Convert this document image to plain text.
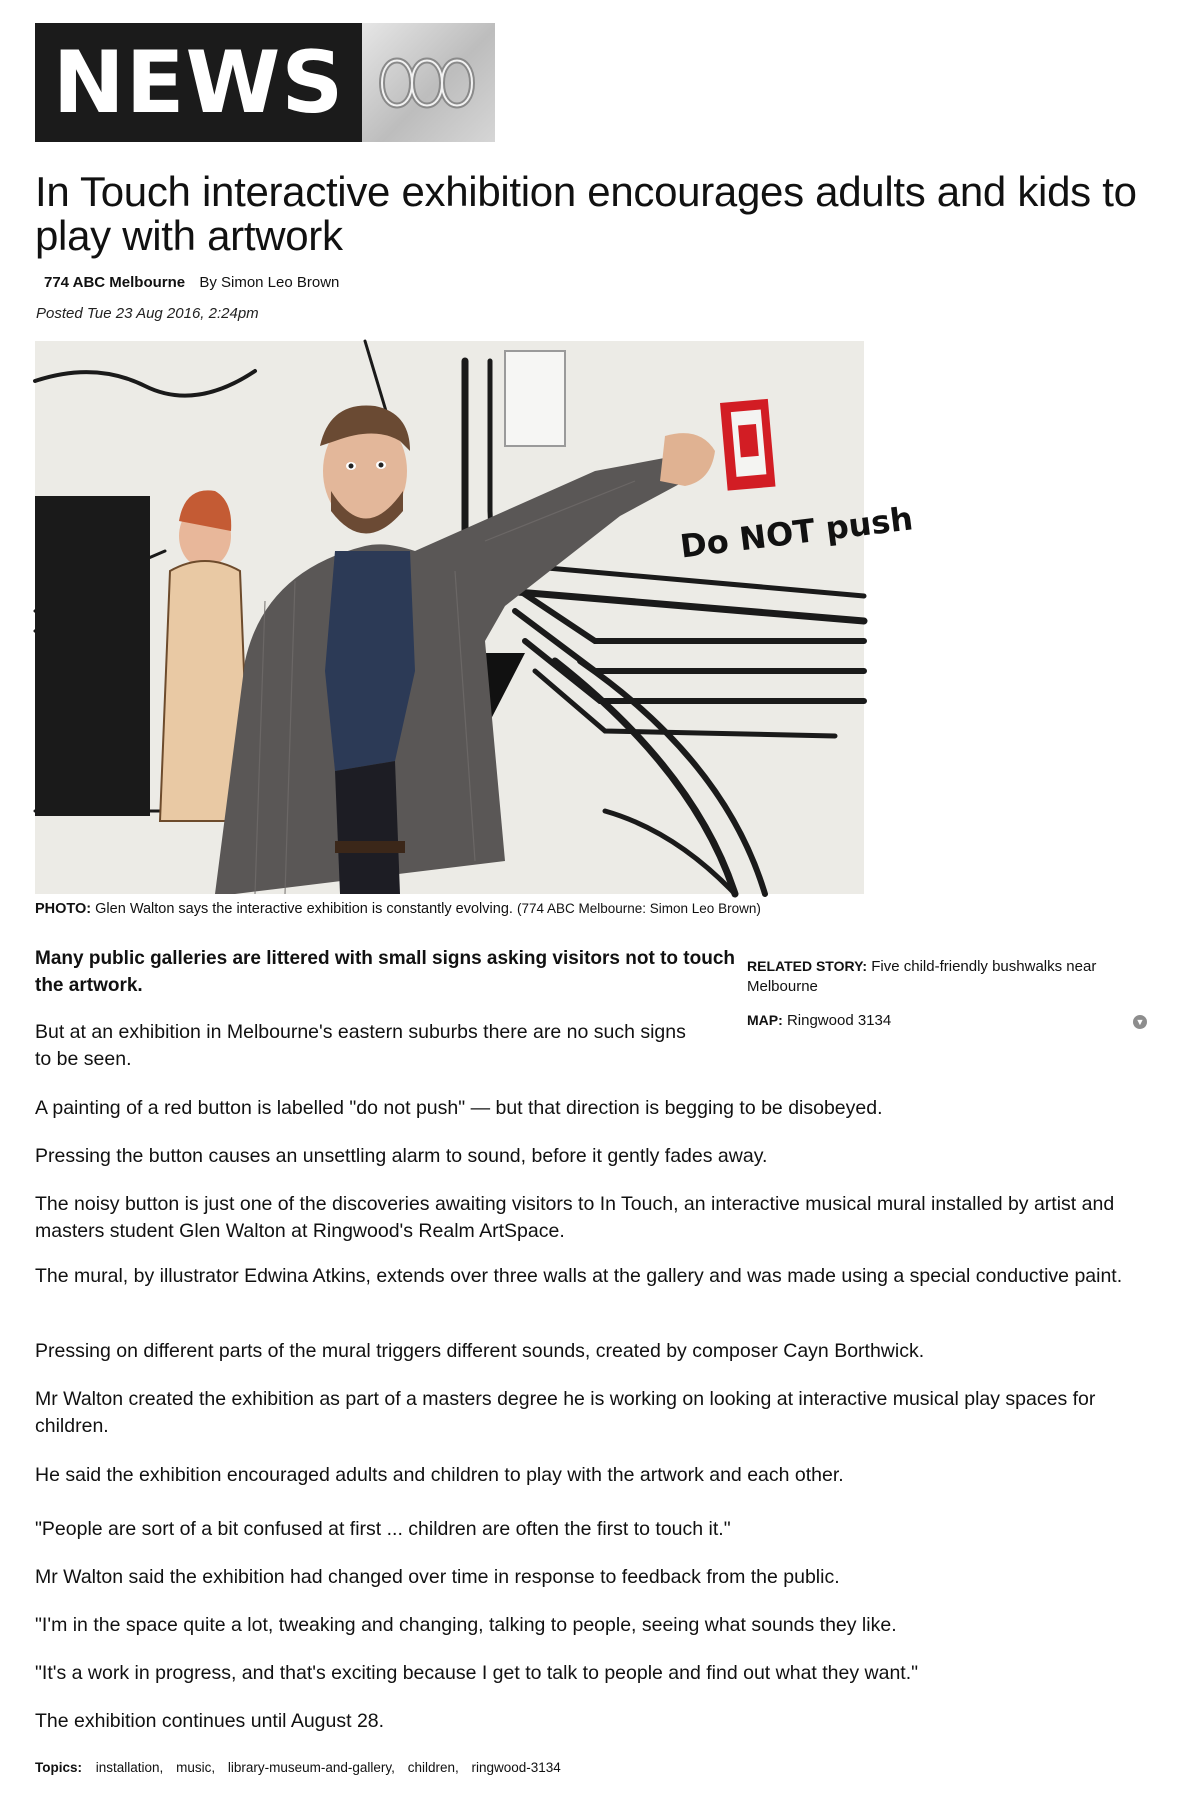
NEWS
In Touch interactive exhibition encourages adults and kids to play with artwork
774 ABC Melbourne By Simon Leo Brown
Posted Tue 23 Aug 2016, 2:24pm
Do NOT push
PHOTO: Glen Walton says the interactive exhibition is constantly evolving. (774 ABC Melbourne: Simon Leo Brown)

Many public galleries are littered with small signs asking visitors not to touch the artwork.

RELATED STORY: Five child-friendly bushwalks near Melbourne
MAP: Ringwood 3134	▼

But at an exhibition in Melbourne's eastern suburbs there are no such signs to be seen.

A painting of a red button is labelled "do not push" — but that direction is begging to be disobeyed.

Pressing the button causes an unsettling alarm to sound, before it gently fades away.

The noisy button is just one of the discoveries awaiting visitors to In Touch, an interactive musical mural installed by artist and masters student Glen Walton at Ringwood's Realm ArtSpace.

The mural, by illustrator Edwina Atkins, extends over three walls at the gallery and was made using a special conductive paint.

Pressing on different parts of the mural triggers different sounds, created by composer Cayn Borthwick.

Mr Walton created the exhibition as part of a masters degree he is working on looking at interactive musical play spaces for children.

He said the exhibition encouraged adults and children to play with the artwork and each other.

"People are sort of a bit confused at first ... children are often the first to touch it."

Mr Walton said the exhibition had changed over time in response to feedback from the public.

"I'm in the space quite a lot, tweaking and changing, talking to people, seeing what sounds they like.

"It's a work in progress, and that's exciting because I get to talk to people and find out what they want."

The exhibition continues until August 28.

Topics: installation, music, library-museum-and-gallery, children, ringwood-3134
